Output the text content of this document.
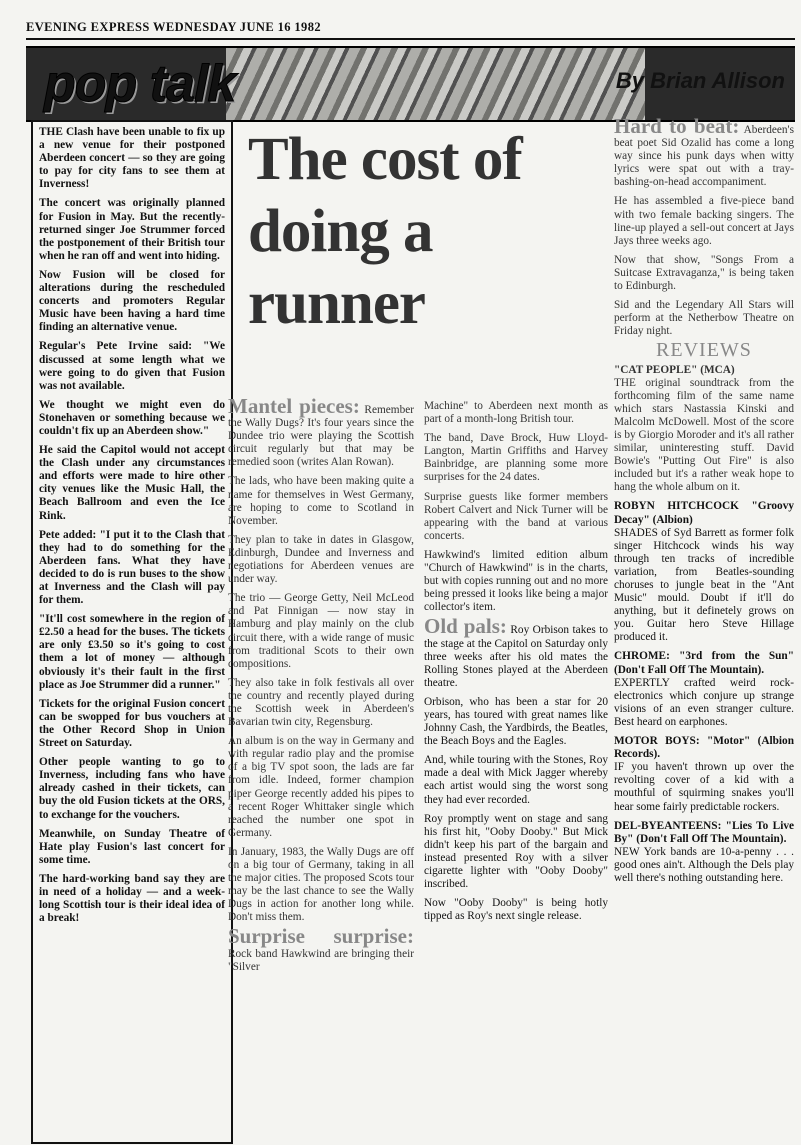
EVENING EXPRESS WEDNESDAY JUNE 16 1982
pop talk	By Brian Allison

THE Clash have been unable to fix up a new venue for their postponed Aberdeen concert — so they are going to pay for city fans to see them at Inverness!

The concert was originally planned for Fusion in May. But the recently-returned singer Joe Strummer forced the postponement of their British tour when he ran off and went into hiding.

Now Fusion will be closed for alterations during the rescheduled concerts and promoters Regular Music have been having a hard time finding an alternative venue.

Regular's Pete Irvine said: "We discussed at some length what we were going to do given that Fusion was not available.

We thought we might even do Stonehaven or something because we couldn't fix up an Aberdeen show."

He said the Capitol would not accept the Clash under any circumstances and efforts were made to hire other city venues like the Music Hall, the Beach Ballroom and even the Ice Rink.

Pete added: "I put it to the Clash that they had to do something for the Aberdeen fans. What they have decided to do is run buses to the show at Inverness and the Clash will pay for them.

"It'll cost somewhere in the region of £2.50 a head for the buses. The tickets are only £3.50 so it's going to cost them a lot of money — although obviously it's their fault in the first place as Joe Strummer did a runner."

Tickets for the original Fusion concert can be swopped for bus vouchers at the Other Record Shop in Union Street on Saturday.

Other people wanting to go to Inverness, including fans who have already cashed in their tickets, can buy the old Fusion tickets at the ORS, to exchange for the vouchers.

Meanwhile, on Sunday Theatre of Hate play Fusion's last concert for some time.

The hard-working band say they are in need of a holiday — and a week-long Scottish tour is their ideal idea of a break!

The cost of doing a runner

Mantel pieces: Remember the Wally Dugs? It's four years since the Dundee trio were playing the Scottish circuit regularly but that may be remedied soon (writes Alan Rowan).

The lads, who have been making quite a name for themselves in West Germany, are hoping to come to Scotland in November.

They plan to take in dates in Glasgow, Edinburgh, Dundee and Inverness and negotiations for Aberdeen venues are under way.

The trio — George Getty, Neil McLeod and Pat Finnigan — now stay in Hamburg and play mainly on the club circuit there, with a wide range of music from traditional Scots to their own compositions.

They also take in folk festivals all over the country and recently played during the Scottish week in Aberdeen's Bavarian twin city, Regensburg.

An album is on the way in Germany and with regular radio play and the promise of a big TV spot soon, the lads are far from idle. Indeed, former champion piper George recently added his pipes to a recent Roger Whittaker single which reached the number one spot in Germany.

In January, 1983, the Wally Dugs are off on a big tour of Germany, taking in all the major cities. The proposed Scots tour may be the last chance to see the Wally Dugs in action for another long while. Don't miss them.

Surprise surprise: Rock band Hawkwind are bringing their "Silver

Machine" to Aberdeen next month as part of a month-long British tour.

The band, Dave Brock, Huw Lloyd-Langton, Martin Griffiths and Harvey Bainbridge, are planning some more surprises for the 24 dates.

Surprise guests like former members Robert Calvert and Nick Turner will be appearing with the band at various concerts.

Hawkwind's limited edition album "Church of Hawkwind" is in the charts, but with copies running out and no more being pressed it looks like being a major collector's item.

Old pals: Roy Orbison takes to the stage at the Capitol on Saturday only three weeks after his old mates the Rolling Stones played at the Aberdeen theatre.

Orbison, who has been a star for 20 years, has toured with great names like Johnny Cash, the Yardbirds, the Beatles, the Beach Boys and the Eagles.

And, while touring with the Stones, Roy made a deal with Mick Jagger whereby each artist would sing the worst song they had ever recorded.

Roy promptly went on stage and sang his first hit, "Ooby Dooby." But Mick didn't keep his part of the bargain and instead presented Roy with a silver cigarette lighter with "Ooby Dooby" inscribed.

Now "Ooby Dooby" is being hotly tipped as Roy's next single release.

Hard to beat: Aberdeen's beat poet Sid Ozalid has come a long way since his punk days when witty lyrics were spat out with a tray-bashing-on-head accompaniment.

He has assembled a five-piece band with two female backing singers. The line-up played a sell-out concert at Jays Jays three weeks ago.

Now that show, "Songs From a Suitcase Extravaganza," is being taken to Edinburgh.

Sid and the Legendary All Stars will perform at the Netherbow Theatre on Friday night.

REVIEWS

"CAT PEOPLE" (MCA)
THE original soundtrack from the forthcoming film of the same name which stars Nastassia Kinski and Malcolm McDowell. Most of the score is by Giorgio Moroder and it's all rather similar, uninteresting stuff. David Bowie's "Putting Out Fire" is also included but it's a rather weak hope to hang the whole album on it.

ROBYN HITCHCOCK "Groovy Decay" (Albion)
SHADES of Syd Barrett as former folk singer Hitchcock winds his way through ten tracks of incredible variation, from Beatles-sounding choruses to jungle beat in the "Ant Music" mould. Doubt if it'll do anything, but it definetely grows on you. Guitar hero Steve Hillage produced it.

CHROME: "3rd from the Sun" (Don't Fall Off The Mountain).
EXPERTLY crafted weird rock-electronics which conjure up strange visions of an even stranger culture. Best heard on earphones.

MOTOR BOYS: "Motor" (Albion Records).
IF you haven't thrown up over the revolting cover of a kid with a mouthful of squirming snakes you'll hear some fairly predictable rockers.

DEL-BYEANTEENS: "Lies To Live By" (Don't Fall Off The Mountain).
NEW York bands are 10-a-penny . . . good ones ain't. Although the Dels play well there's nothing outstanding here.
